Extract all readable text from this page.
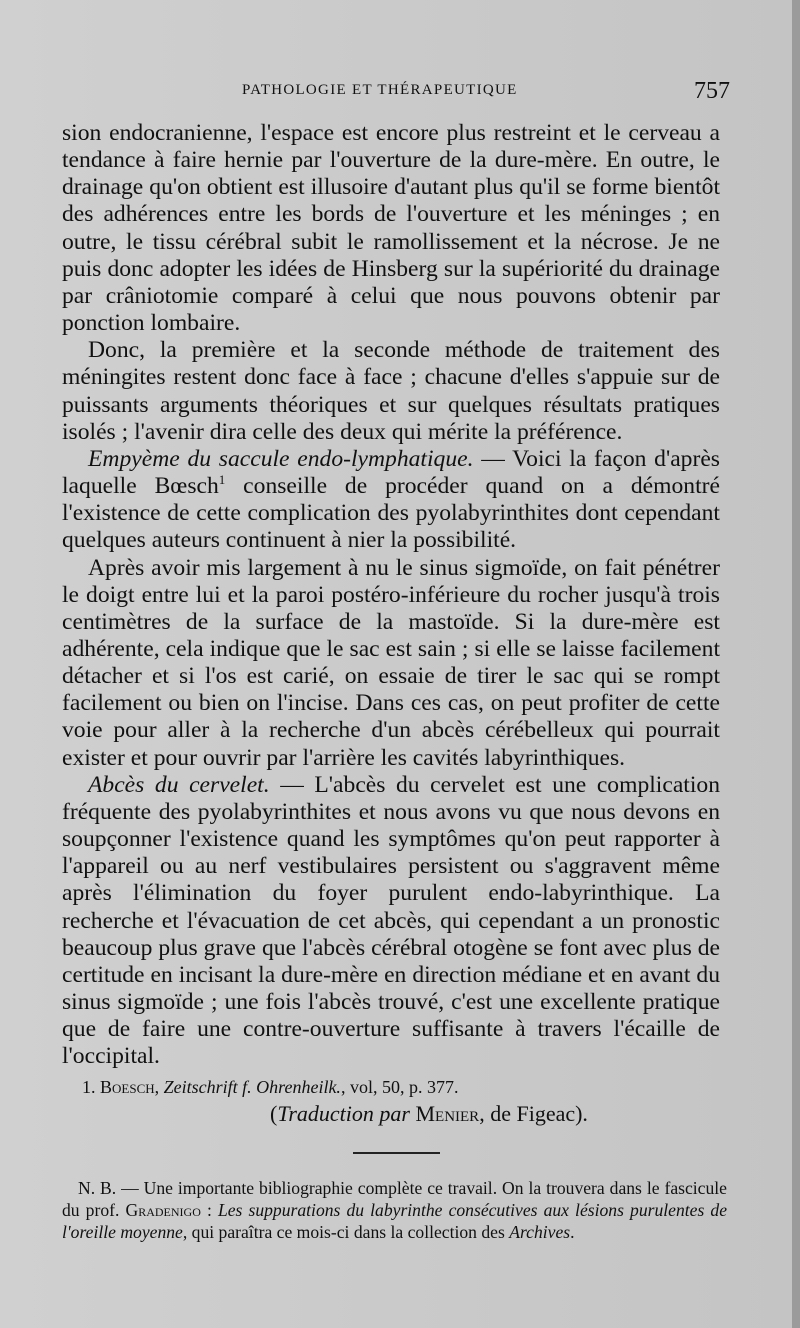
PATHOLOGIE ET THÉRAPEUTIQUE	757

sion endocranienne, l'espace est encore plus restreint et le cerveau a tendance à faire hernie par l'ouverture de la dure-mère. En outre, le drainage qu'on obtient est illusoire d'autant plus qu'il se forme bientôt des adhérences entre les bords de l'ouverture et les méninges ; en outre, le tissu cérébral subit le ramollissement et la nécrose. Je ne puis donc adopter les idées de Hinsberg sur la supériorité du drainage par crâniotomie comparé à celui que nous pouvons obtenir par ponction lombaire.

Donc, la première et la seconde méthode de traitement des méningites restent donc face à face ; chacune d'elles s'appuie sur de puissants arguments théoriques et sur quelques résultats pratiques isolés ; l'avenir dira celle des deux qui mérite la préférence.

Empyème du saccule endo-lymphatique. — Voici la façon d'après laquelle Bœsch$^1$ conseille de procéder quand on a démontré l'existence de cette complication des pyolabyrinthites dont cependant quelques auteurs continuent à nier la possibilité.

Après avoir mis largement à nu le sinus sigmoïde, on fait pénétrer le doigt entre lui et la paroi postéro-inférieure du rocher jusqu'à trois centimètres de la surface de la mastoïde. Si la dure-mère est adhérente, cela indique que le sac est sain ; si elle se laisse facilement détacher et si l'os est carié, on essaie de tirer le sac qui se rompt facilement ou bien on l'incise. Dans ces cas, on peut profiter de cette voie pour aller à la recherche d'un abcès cérébelleux qui pourrait exister et pour ouvrir par l'arrière les cavités labyrinthiques.

Abcès du cervelet. — L'abcès du cervelet est une complication fréquente des pyolabyrinthites et nous avons vu que nous devons en soupçonner l'existence quand les symptômes qu'on peut rapporter à l'appareil ou au nerf vestibulaires persistent ou s'aggravent même après l'élimination du foyer purulent endo-labyrinthique. La recherche et l'évacuation de cet abcès, qui cependant a un pronostic beaucoup plus grave que l'abcès cérébral otogène se font avec plus de certitude en incisant la dure-mère en direction médiane et en avant du sinus sigmoïde ; une fois l'abcès trouvé, c'est une excellente pratique que de faire une contre-ouverture suffisante à travers l'écaille de l'occipital.

1. Boesch, Zeitschrift f. Ohrenheilk., vol, 50, p. 377.
(Traduction par Menier, de Figeac).

N. B. — Une importante bibliographie complète ce travail. On la trouvera dans le fascicule du prof. Gradenigo : Les suppurations du labyrinthe consécutives aux lésions purulentes de l'oreille moyenne, qui paraîtra ce mois-ci dans la collection des Archives.
